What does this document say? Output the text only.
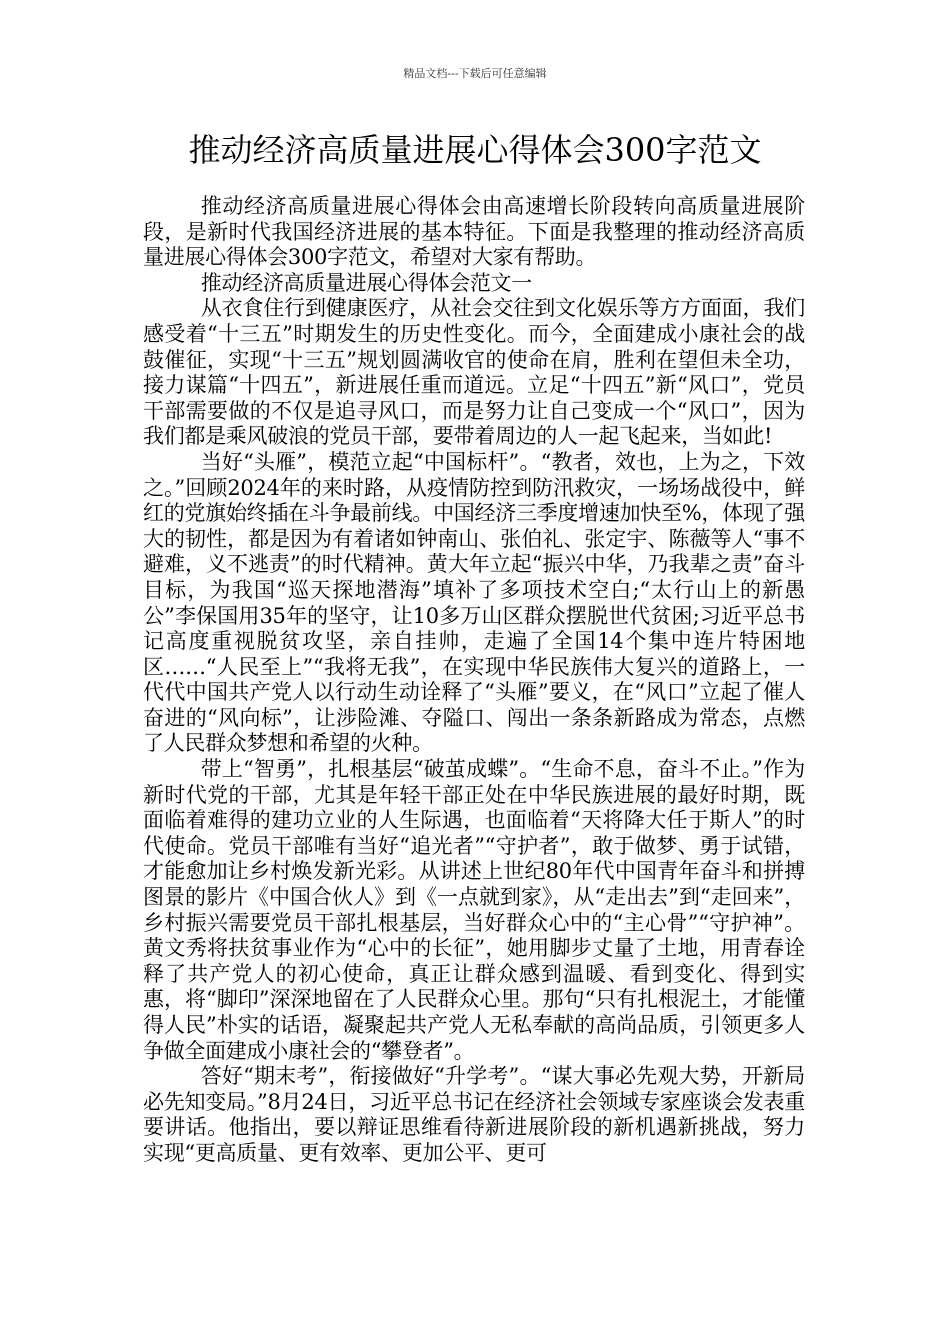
精品文档---下载后可任意编辑
推动经济高质量进展心得体会300字范文

推动经济高质量进展心得体会由高速增长阶段转向高质量进展阶段，是新时代我国经济进展的基本特征。下面是我整理的推动经济高质量进展心得体会300字范文，希望对大家有帮助。

推动经济高质量进展心得体会范文一

从衣食住行到健康医疗，从社会交往到文化娱乐等方方面面，我们感受着“十三五”时期发生的历史性变化。而今，全面建成小康社会的战鼓催征，实现“十三五”规划圆满收官的使命在肩，胜利在望但未全功，接力谋篇“十四五”，新进展任重而道远。立足“十四五”新“风口”，党员干部需要做的不仅是追寻风口，而是努力让自己变成一个“风口”，因为我们都是乘风破浪的党员干部，要带着周边的人一起飞起来，当如此!

当好“头雁”，模范立起“中国标杆”。“教者，效也，上为之，下效之。”回顾2024年的来时路，从疫情防控到防汛救灾，一场场战役中，鲜红的党旗始终插在斗争最前线。中国经济三季度增速加快至%，体现了强大的韧性，都是因为有着诸如钟南山、张伯礼、张定宇、陈薇等人“事不避难，义不逃责”的时代精神。黄大年立起“振兴中华，乃我辈之责”奋斗目标，为我国“巡天探地潜海”填补了多项技术空白;“太行山上的新愚公”李保国用35年的坚守，让10多万山区群众摆脱世代贫困;习近平总书记高度重视脱贫攻坚，亲自挂帅，走遍了全国14个集中连片特困地区……“人民至上”“我将无我”，在实现中华民族伟大复兴的道路上，一代代中国共产党人以行动生动诠释了“头雁”要义，在“风口”立起了催人奋进的“风向标”，让涉险滩、夺隘口、闯出一条条新路成为常态，点燃了人民群众梦想和希望的火种。

带上“智勇”，扎根基层“破茧成蝶”。“生命不息，奋斗不止。”作为新时代党的干部，尤其是年轻干部正处在中华民族进展的最好时期，既面临着难得的建功立业的人生际遇，也面临着“天将降大任于斯人”的时代使命。党员干部唯有当好“追光者”“守护者”，敢于做梦、勇于试错，才能愈加让乡村焕发新光彩。从讲述上世纪80年代中国青年奋斗和拼搏图景的影片《中国合伙人》到《一点就到家》，从“走出去”到“走回来”，乡村振兴需要党员干部扎根基层，当好群众心中的“主心骨”“守护神”。黄文秀将扶贫事业作为“心中的长征”，她用脚步丈量了土地，用青春诠释了共产党人的初心使命，真正让群众感到温暖、看到变化、得到实惠，将“脚印”深深地留在了人民群众心里。那句“只有扎根泥土，才能懂得人民”朴实的话语，凝聚起共产党人无私奉献的高尚品质，引领更多人争做全面建成小康社会的“攀登者”。

答好“期末考”，衔接做好“升学考”。“谋大事必先观大势，开新局必先知变局。”8月24日，习近平总书记在经济社会领域专家座谈会发表重要讲话。他指出，要以辩证思维看待新进展阶段的新机遇新挑战，努力实现“更高质量、更有效率、更加公平、更可
